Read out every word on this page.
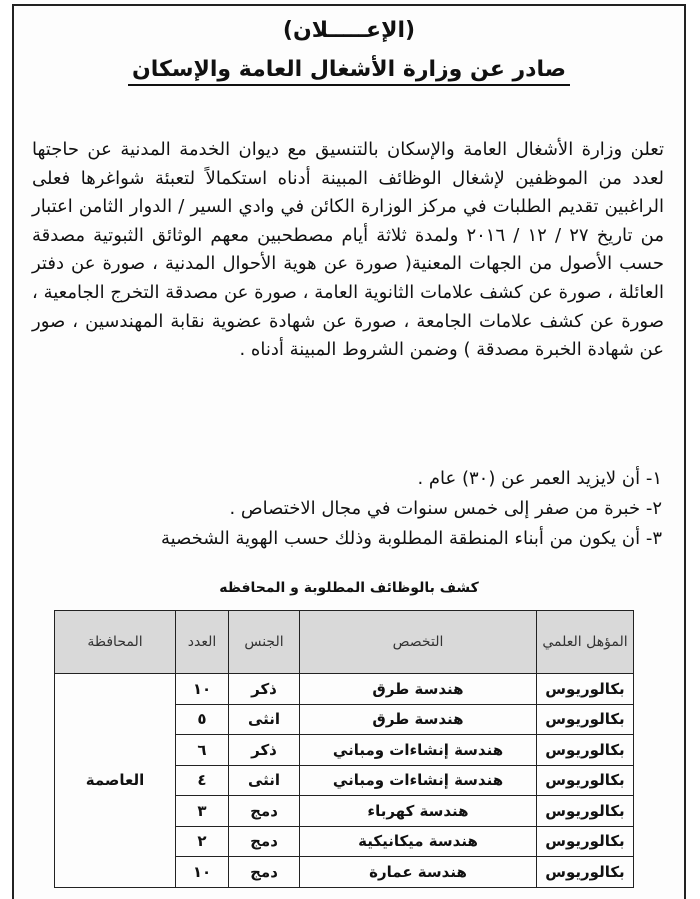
(الإعـــــلان)
صادر عن وزارة الأشغال العامة والإسكان

تعلن وزارة الأشغال العامة والإسكان بالتنسيق مع ديوان الخدمة المدنية عن حاجتها لعدد من الموظفين لإشغال الوظائف المبينة أدناه استكمالاً لتعبئة شواغرها فعلى الراغبين تقديم الطلبات في مركز الوزارة الكائن في وادي السير / الدوار الثامن اعتبار من تاريخ ٢٧ / ١٢ / ٢٠١٦ ولمدة ثلاثة أيام مصطحبين معهم الوثائق الثبوتية مصدقة حسب الأصول من الجهات المعنية( صورة عن هوية الأحوال المدنية ، صورة عن دفتر العائلة ، صورة عن كشف علامات الثانوية العامة ، صورة عن مصدقة التخرج الجامعية ، صورة عن كشف علامات الجامعة ، صورة عن شهادة عضوية نقابة المهندسين ، صور عن شهادة الخبرة مصدقة ) وضمن الشروط المبينة أدناه .

١- أن لايزيد العمر عن (٣٠) عام .
٢- خبرة من صفر إلى خمس سنوات في مجال الاختصاص .
٣- أن يكون من أبناء المنطقة المطلوبة وذلك حسب الهوية الشخصية
كشف بالوظائف المطلوبة و المحافظه
المؤهل العلمي	التخصص	الجنس	العدد	المحافظة
بكالوريوس	هندسة طرق	ذكر	١٠	العاصمة
بكالوريوس	هندسة طرق	انثى	٥	
بكالوريوس	هندسة إنشاءات ومباني	ذكر	٦	
بكالوريوس	هندسة إنشاءات ومباني	انثى	٤	
بكالوريوس	هندسة كهرباء	دمج	٣	
بكالوريوس	هندسة ميكانيكية	دمج	٢	
بكالوريوس	هندسة عمارة	دمج	١٠	
